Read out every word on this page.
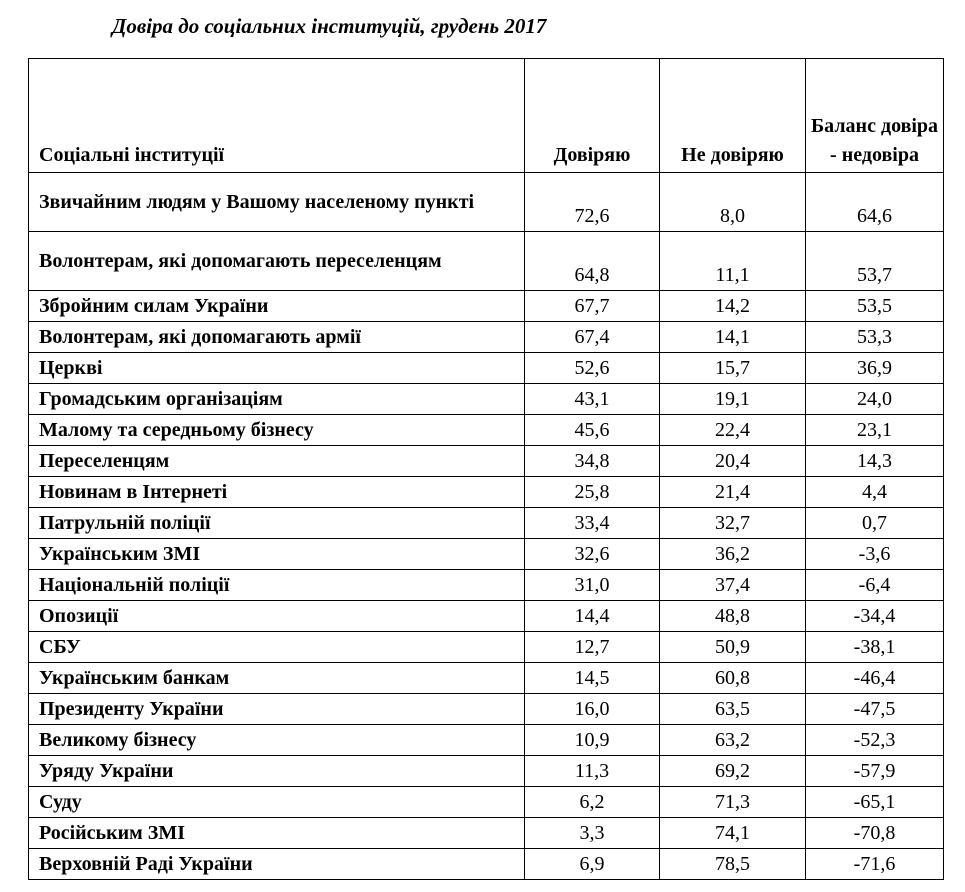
Довіра до соціальних інституцій, грудень 2017
Соціальні інституції	Довіряю	Не довіряю	Баланс довіра - недовіра
Звичайним людям у Вашому населеному пункті	72,6	8,0	64,6
Волонтерам, які допомагають переселенцям	64,8	11,1	53,7
Збройним силам України	67,7	14,2	53,5
Волонтерам, які допомагають армії	67,4	14,1	53,3
Церкві	52,6	15,7	36,9
Громадським організаціям	43,1	19,1	24,0
Малому та середньому бізнесу	45,6	22,4	23,1
Переселенцям	34,8	20,4	14,3
Новинам в Інтернеті	25,8	21,4	4,4
Патрульній поліції	33,4	32,7	0,7
Українським ЗМІ	32,6	36,2	-3,6
Національній поліції	31,0	37,4	-6,4
Опозиції	14,4	48,8	-34,4
СБУ	12,7	50,9	-38,1
Українським банкам	14,5	60,8	-46,4
Президенту України	16,0	63,5	-47,5
Великому бізнесу	10,9	63,2	-52,3
Уряду України	11,3	69,2	-57,9
Суду	6,2	71,3	-65,1
Російським ЗМІ	3,3	74,1	-70,8
Верховній Раді України	6,9	78,5	-71,6
